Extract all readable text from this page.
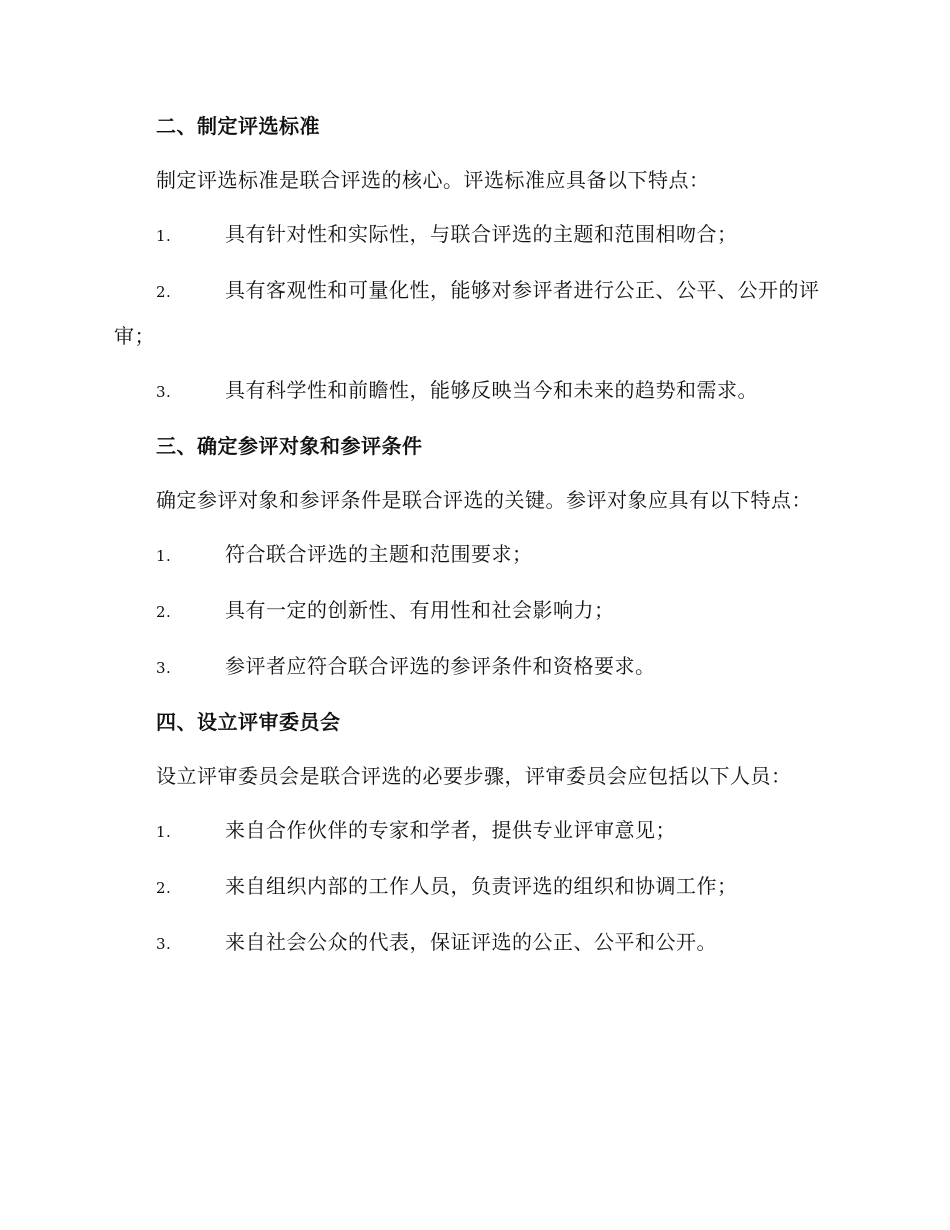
二、制定评选标准
制定评选标准是联合评选的核心。评选标准应具备以下特点：
1.	具有针对性和实际性，与联合评选的主题和范围相吻合；
2.	具有客观性和可量化性，能够对参评者进行公正、公平、公开的评审；
3.	具有科学性和前瞻性，能够反映当今和未来的趋势和需求。
三、确定参评对象和参评条件
确定参评对象和参评条件是联合评选的关键。参评对象应具有以下特点：
1.	符合联合评选的主题和范围要求；
2.	具有一定的创新性、有用性和社会影响力；
3.	参评者应符合联合评选的参评条件和资格要求。
四、设立评审委员会
设立评审委员会是联合评选的必要步骤，评审委员会应包括以下人员：
1.	来自合作伙伴的专家和学者，提供专业评审意见；
2.	来自组织内部的工作人员，负责评选的组织和协调工作；
3.	来自社会公众的代表，保证评选的公正、公平和公开。
